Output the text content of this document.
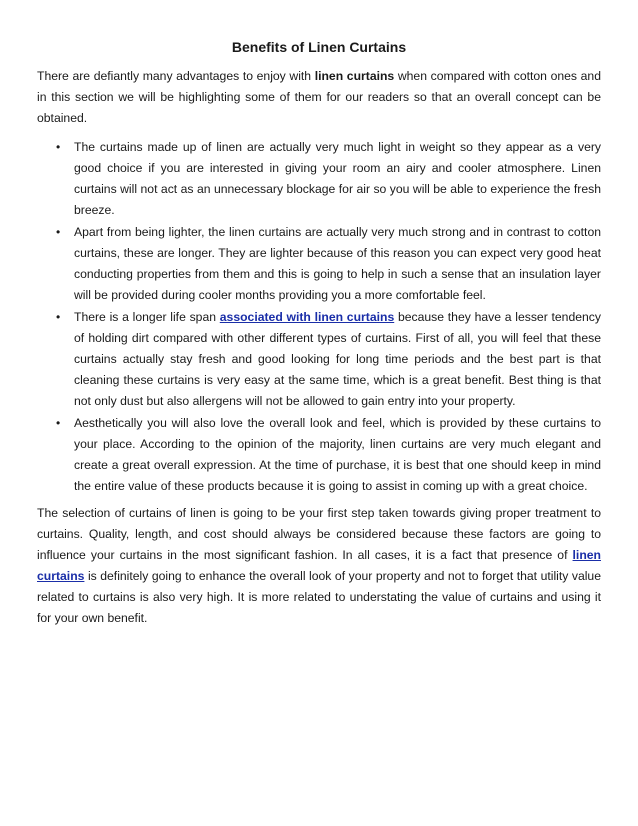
Benefits of Linen Curtains

There are defiantly many advantages to enjoy with linen curtains when compared with cotton ones and in this section we will be highlighting some of them for our readers so that an overall concept can be obtained.

• The curtains made up of linen are actually very much light in weight so they appear as a very good choice if you are interested in giving your room an airy and cooler atmosphere. Linen curtains will not act as an unnecessary blockage for air so you will be able to experience the fresh breeze.
• Apart from being lighter, the linen curtains are actually very much strong and in contrast to cotton curtains, these are longer. They are lighter because of this reason you can expect very good heat conducting properties from them and this is going to help in such a sense that an insulation layer will be provided during cooler months providing you a more comfortable feel.
• There is a longer life span associated with linen curtains because they have a lesser tendency of holding dirt compared with other different types of curtains. First of all, you will feel that these curtains actually stay fresh and good looking for long time periods and the best part is that cleaning these curtains is very easy at the same time, which is a great benefit. Best thing is that not only dust but also allergens will not be allowed to gain entry into your property.
• Aesthetically you will also love the overall look and feel, which is provided by these curtains to your place. According to the opinion of the majority, linen curtains are very much elegant and create a great overall expression. At the time of purchase, it is best that one should keep in mind the entire value of these products because it is going to assist in coming up with a great choice.

The selection of curtains of linen is going to be your first step taken towards giving proper treatment to curtains. Quality, length, and cost should always be considered because these factors are going to influence your curtains in the most significant fashion. In all cases, it is a fact that presence of linen curtains is definitely going to enhance the overall look of your property and not to forget that utility value related to curtains is also very high. It is more related to understating the value of curtains and using it for your own benefit.
